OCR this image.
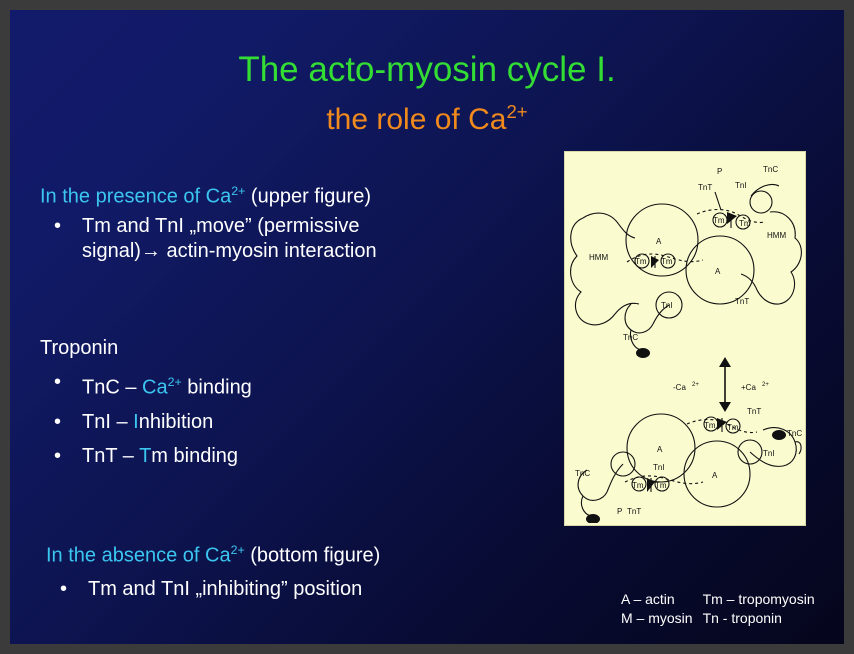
The acto-myosin cycle I.
the role of $Ca^{2+}$
In the presence of $Ca^{2+}$ (upper figure)
• Tm and TnI „move” (permissive
signal)→ actin-myosin interaction
Troponin
• TnC – $Ca^{2+}$ binding
• TnI – Inhibition
• TnT – Tm binding
In the absence of $Ca^{2+}$ (bottom figure)
• Tm and TnI „inhibiting” position
P
TnT	TnI
TnC
Tm Tm
HMM
HMM
A
A
Tm Tm
TnT
TnI
TnC
-Ca 2+	+Ca 2+
TnT
TnC
TnI
Tm Tm
A
A
TnI
TnC
Tm Tm
P TnT
A – actin	Tm – tropomyosin
M – myosin	Tn - troponin
